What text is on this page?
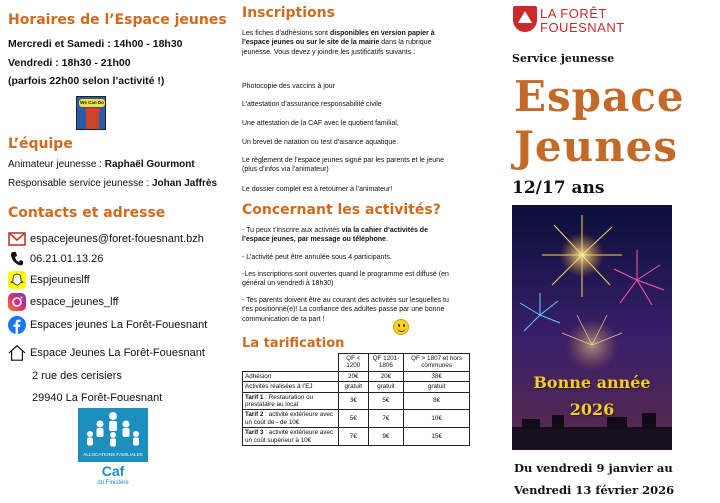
Horaires de l’Espace jeunes
Mercredi et Samedi : 14h00 - 18h30
Vendredi : 18h30 - 21h00
(parfois 22h00 selon l’activité !)
We Can Do
L’équipe
Animateur jeunesse : Raphaël Gourmont
Responsable service jeunesse : Johan Jaffrès
Contacts et adresse
espacejeunes@foret-fouesnant.bzh
06.21.01.13.26
Espjeuneslff
espace_jeunes_lff
Espaces jeunes La Forêt-Fouesnant
Espace Jeunes La Forêt-Fouesnant
2 rue des cerisiers
29940 La Forêt-Fouesnant
ALLOCATIONS FAMILIALES
Caf
du Finistère
Inscriptions
Les fiches d’adhésions sont disponibles en version papier à l’espace jeunes ou sur le site de la mairie dans la rubrique jeunesse. Vous devez y joindre les justificatifs suivants :
Photocopie des vaccins à jour
L’attestation d’assurance responsabilité civile
Une attestation de la CAF avec le quotient familial,
Un brevet de natation ou test d’aisance aquatique.
Le règlement de l’espace jeunes signé par les parents et le jeune (plus d’infos via l’animateur)
Le dossier complet est à retourner à l’animateur!
Concernant les activités?
- Tu peux t’inscrire aux activités via la cahier d’activités de l’espace jeunes, par message ou téléphone.
- L’activité peut être annulée sous 4 participants.
-Les inscriptions sont ouvertes quand le programme est diffusé (en général un vendredi à 18h30)
- Tes parents doivent être au courant des activités sur lesquelles tu t’es positionné(e)! La confiance des adultes passe par une bonne communication de ta part !
La tarification
	QF < 1200	QF 1201-1806	QF > 1807 et hors communes
Adhésion	20€	20€	38€
Activités réalisées à l’EJ	gratuit	gratuit	gratuit
Tarif 1 : Restauration ou prestataire au local	3€	5€	8€
Tarif 2 : activité extérieure avec un coût de - de 10€	5€	7€	10€
Tarif 3 : activité extérieure avec un coût supérieur à 10€	7€	9€	15€
LA FORÊT
FOUESNANT
Service jeunesse
Espace
Jeunes
12/17 ans
Bonne année
2026
Du vendredi 9 janvier au
Vendredi 13 février 2026
